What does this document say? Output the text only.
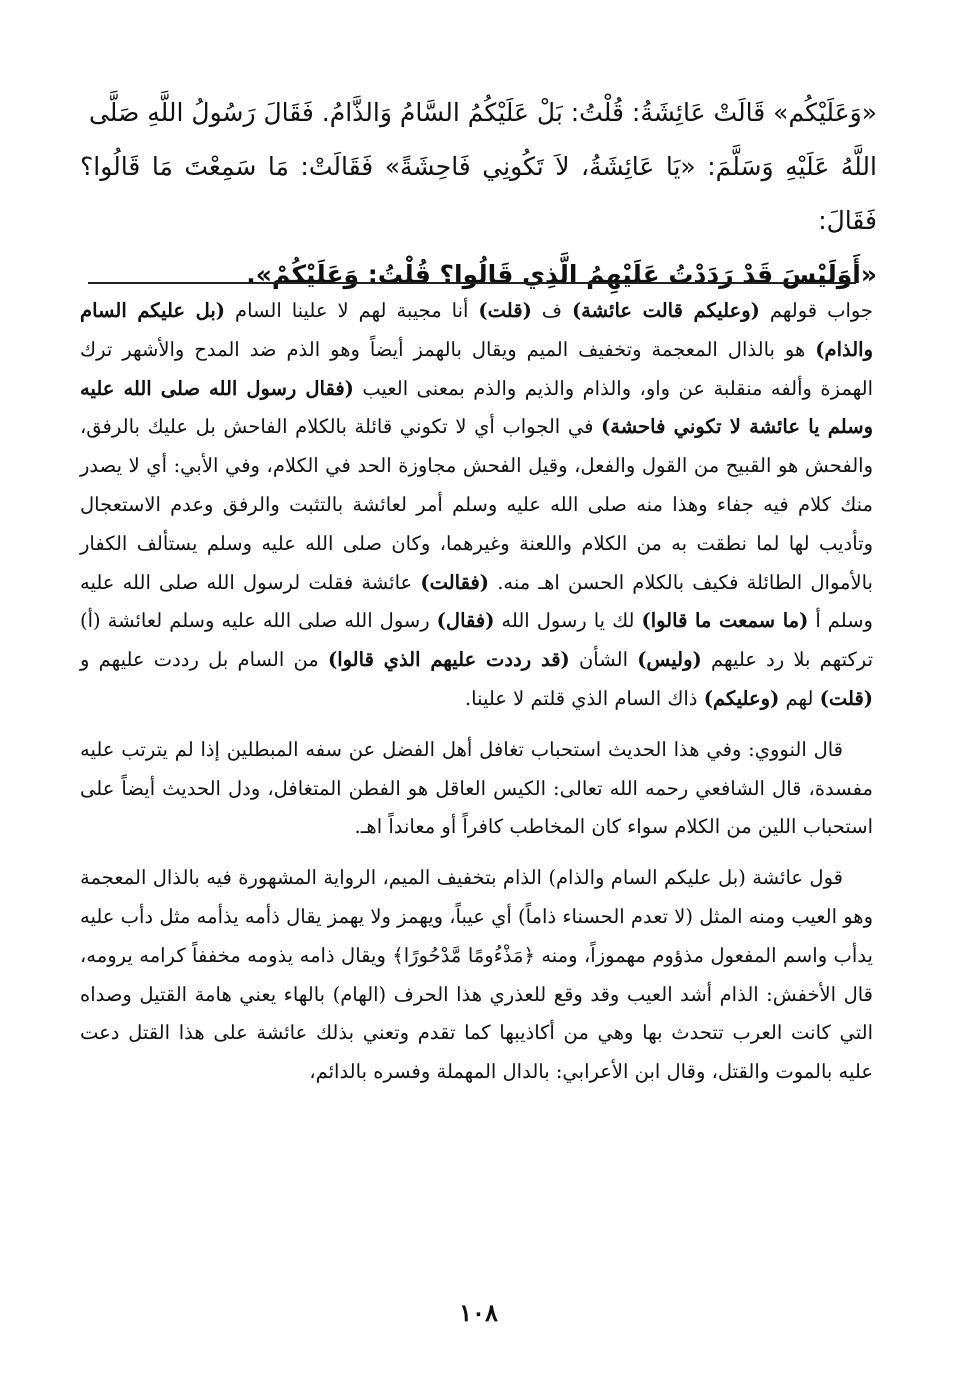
«وَعَلَيْكُم» قَالَتْ عَائِشَةُ: قُلْتُ: بَلْ عَلَيْكُمُ السَّامُ وَالذَّامُ. فَقَالَ رَسُولُ اللَّهِ صَلَّى
اللَّهُ عَلَيْهِ وَسَلَّمَ: «يَا عَائِشَةُ، لاَ تَكُونِي فَاحِشَةً» فَقَالَتْ: مَا سَمِعْتَ مَا قَالُوا؟ فَقَالَ:
«أَوَلَيْسَ قَدْ رَدَدْتُ عَلَيْهِمُ الَّذِي قَالُوا؟ قُلْتُ: وَعَلَيْكُمْ».

جواب قولهم (وعليكم قالت عائشة) ف (قلت) أنا مجيبة لهم لا علينا السام (بل عليكم السام والذام) هو بالذال المعجمة وتخفيف الميم ويقال بالهمز أيضاً وهو الذم ضد المدح والأشهر ترك الهمزة وألفه منقلبة عن واو، والذام والذيم والذم بمعنى العيب (فقال رسول الله صلى الله عليه وسلم يا عائشة لا تكوني فاحشة) في الجواب أي لا تكوني قائلة بالكلام الفاحش بل عليك بالرفق، والفحش هو القبيح من القول والفعل، وقيل الفحش مجاوزة الحد في الكلام، وفي الأبي: أي لا يصدر منك كلام فيه جفاء وهذا منه صلى الله عليه وسلم أمر لعائشة بالتثبت والرفق وعدم الاستعجال وتأديب لها لما نطقت به من الكلام واللعنة وغيرهما، وكان صلى الله عليه وسلم يستألف الكفار بالأموال الطائلة فكيف بالكلام الحسن اهـ منه. (فقالت) عائشة فقلت لرسول الله صلى الله عليه وسلم أ (ما سمعت ما قالوا) لك يا رسول الله (فقال) رسول الله صلى الله عليه وسلم لعائشة (أ) تركتهم بلا رد عليهم (وليس) الشأن (قد رددت عليهم الذي قالوا) من السام بل رددت عليهم و (قلت) لهم (وعليكم) ذاك السام الذي قلتم لا علينا.

قال النووي: وفي هذا الحديث استحباب تغافل أهل الفضل عن سفه المبطلين إذا لم يترتب عليه مفسدة، قال الشافعي رحمه الله تعالى: الكيس العاقل هو الفطن المتغافل، ودل الحديث أيضاً على استحباب اللين من الكلام سواء كان المخاطب كافراً أو معانداً اهـ.

قول عائشة (بل عليكم السام والذام) الذام بتخفيف الميم، الرواية المشهورة فيه بالذال المعجمة وهو العيب ومنه المثل (لا تعدم الحسناء ذاماً) أي عيباً، ويهمز ولا يهمز يقال ذأمه يذأمه مثل دأب عليه يدأب واسم المفعول مذؤوم مهموزاً، ومنه ﴿مَذْءُومًا مَّدْحُورًا﴾ ويقال ذامه يذومه مخففاً كرامه يرومه، قال الأخفش: الذام أشد العيب وقد وقع للعذري هذا الحرف (الهام) بالهاء يعني هامة القتيل وصداه التي كانت العرب تتحدث بها وهي من أكاذيبها كما تقدم وتعني بذلك عائشة على هذا القتل دعت عليه بالموت والقتل، وقال ابن الأعرابي: بالدال المهملة وفسره بالدائم،

١٠٨
